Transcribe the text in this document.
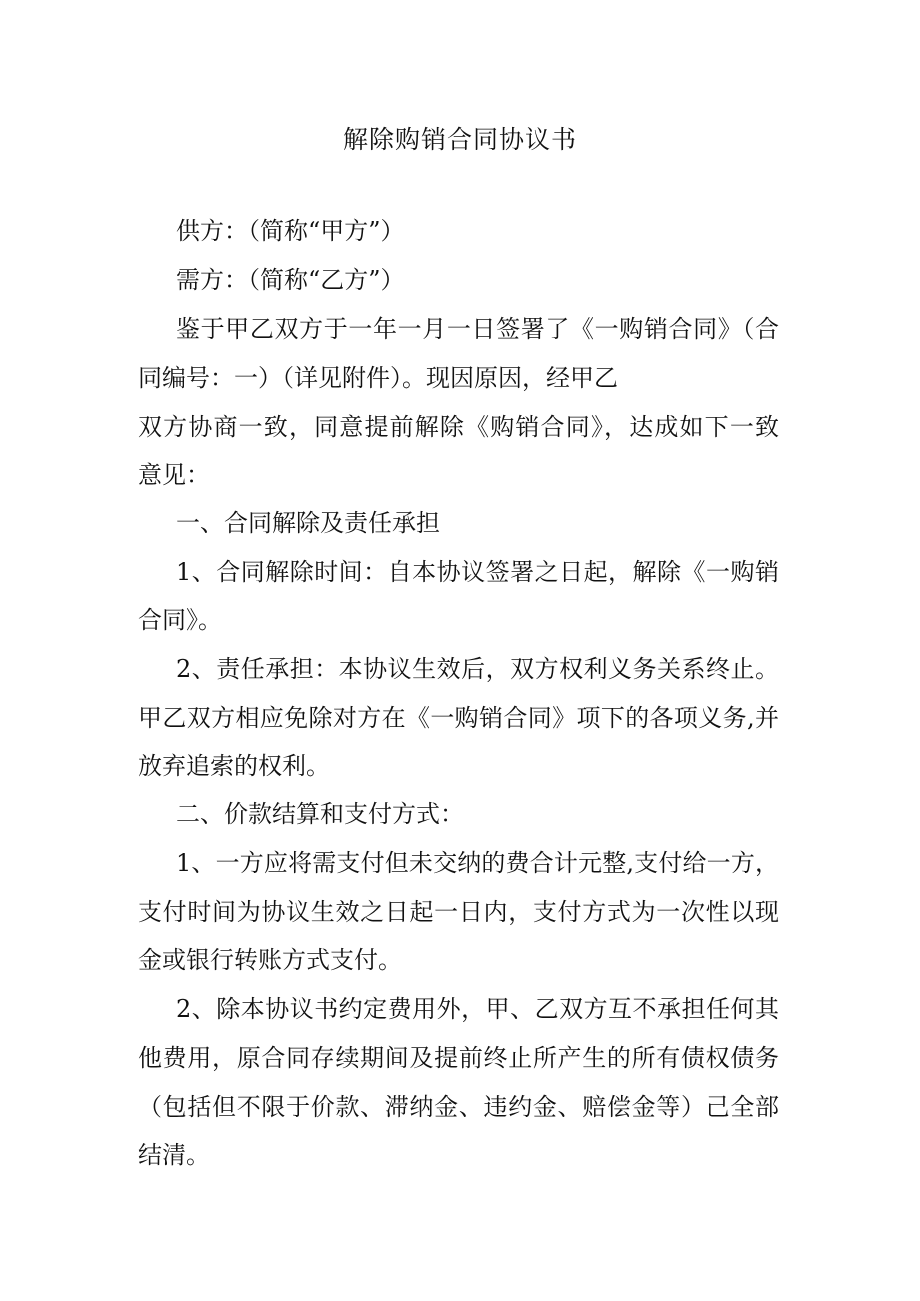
解除购销合同协议书
供方：（简称“甲方”）
需方：（简称“乙方”）
鉴于甲乙双方于一年一月一日签署了《一购销合同》（合
同编号：一）（详见附件）。现因原因，经甲乙
双方协商一致，同意提前解除《购销合同》，达成如下一致
意见：
一、合同解除及责任承担
1、合同解除时间：自本协议签署之日起，解除《一购销
合同》。
2、责任承担：本协议生效后，双方权利义务关系终止。
甲乙双方相应免除对方在《一购销合同》项下的各项义务,并
放弃追索的权利。
二、价款结算和支付方式：
1、一方应将需支付但未交纳的费合计元整,支付给一方，
支付时间为协议生效之日起一日内，支付方式为一次性以现
金或银行转账方式支付。
2、除本协议书约定费用外，甲、乙双方互不承担任何其
他费用，原合同存续期间及提前终止所产生的所有债权债务
（包括但不限于价款、滞纳金、违约金、赔偿金等）己全部
结清。
